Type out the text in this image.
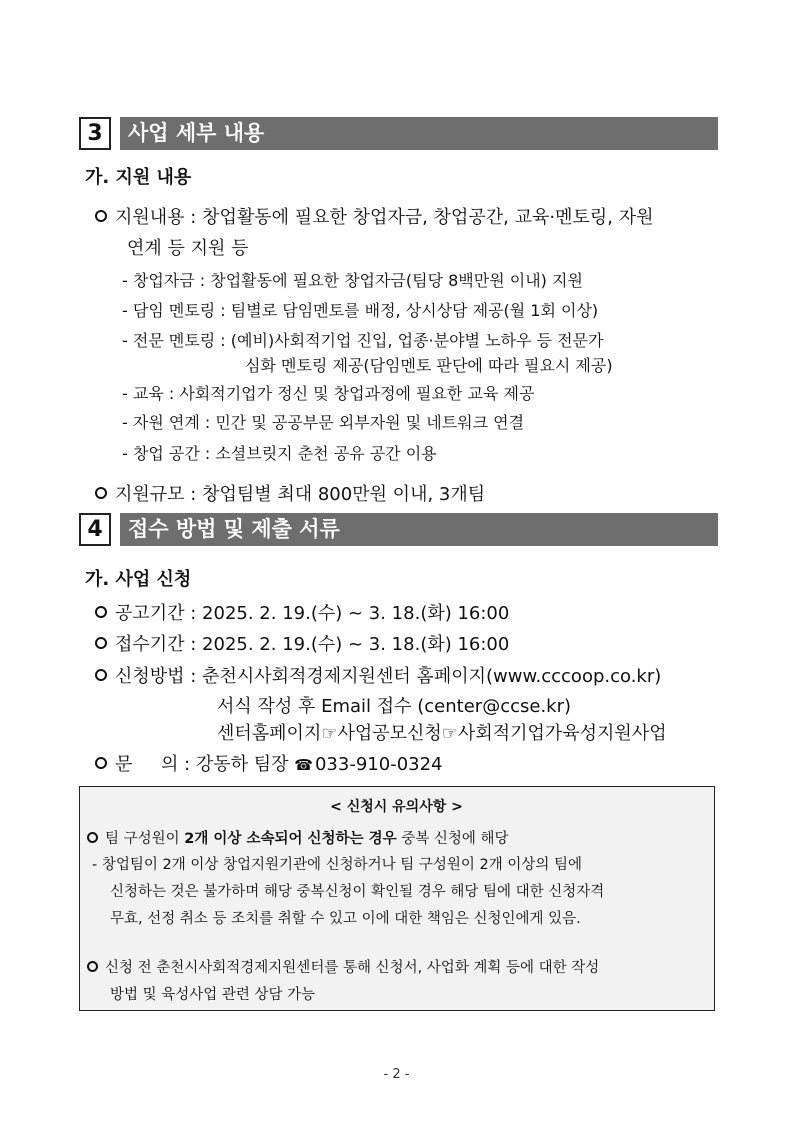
3	사업 세부 내용
가. 지원 내용
지원내용 : 창업활동에 필요한 창업자금, 창업공간, 교육·멘토링, 자원
연계 등 지원 등
- 창업자금 : 창업활동에 필요한 창업자금(팀당 8백만원 이내) 지원
- 담임 멘토링 : 팀별로 담임멘토를 배정, 상시상담 제공(월 1회 이상)
- 전문 멘토링 : (예비)사회적기업 진입, 업종·분야별 노하우 등 전문가
심화 멘토링 제공(담임멘토 판단에 따라 필요시 제공)
- 교육 : 사회적기업가 정신 및 창업과정에 필요한 교육 제공
- 자원 연계 : 민간 및 공공부문 외부자원 및 네트워크 연결
- 창업 공간 : 소셜브릿지 춘천 공유 공간 이용
지원규모 : 창업팀별 최대 800만원 이내, 3개팀
4	접수 방법 및 제출 서류
가. 사업 신청
공고기간 : 2025. 2. 19.(수) ~ 3. 18.(화) 16:00
접수기간 : 2025. 2. 19.(수) ~ 3. 18.(화) 16:00
신청방법 : 춘천시사회적경제지원센터 홈페이지(www.cccoop.co.kr)
서식 작성 후 Email 접수 (center@ccse.kr)
센터홈페이지☞사업공모신청☞사회적기업가육성지원사업
문     의 : 강동하 팀장 ☎ 033-910-0324
< 신청시 유의사항 >
팀 구성원이 2개 이상 소속되어 신청하는 경우 중복 신청에 해당
- 창업팀이 2개 이상 창업지원기관에 신청하거나 팀 구성원이 2개 이상의 팀에
신청하는 것은 불가하며 해당 중복신청이 확인될 경우 해당 팀에 대한 신청자격
무효, 선정 취소 등 조치를 취할 수 있고 이에 대한 책임은 신청인에게 있음.
신청 전 춘천시사회적경제지원센터를 통해 신청서, 사업화 계획 등에 대한 작성
방법 및 육성사업 관련 상담 가능
- 2 -
